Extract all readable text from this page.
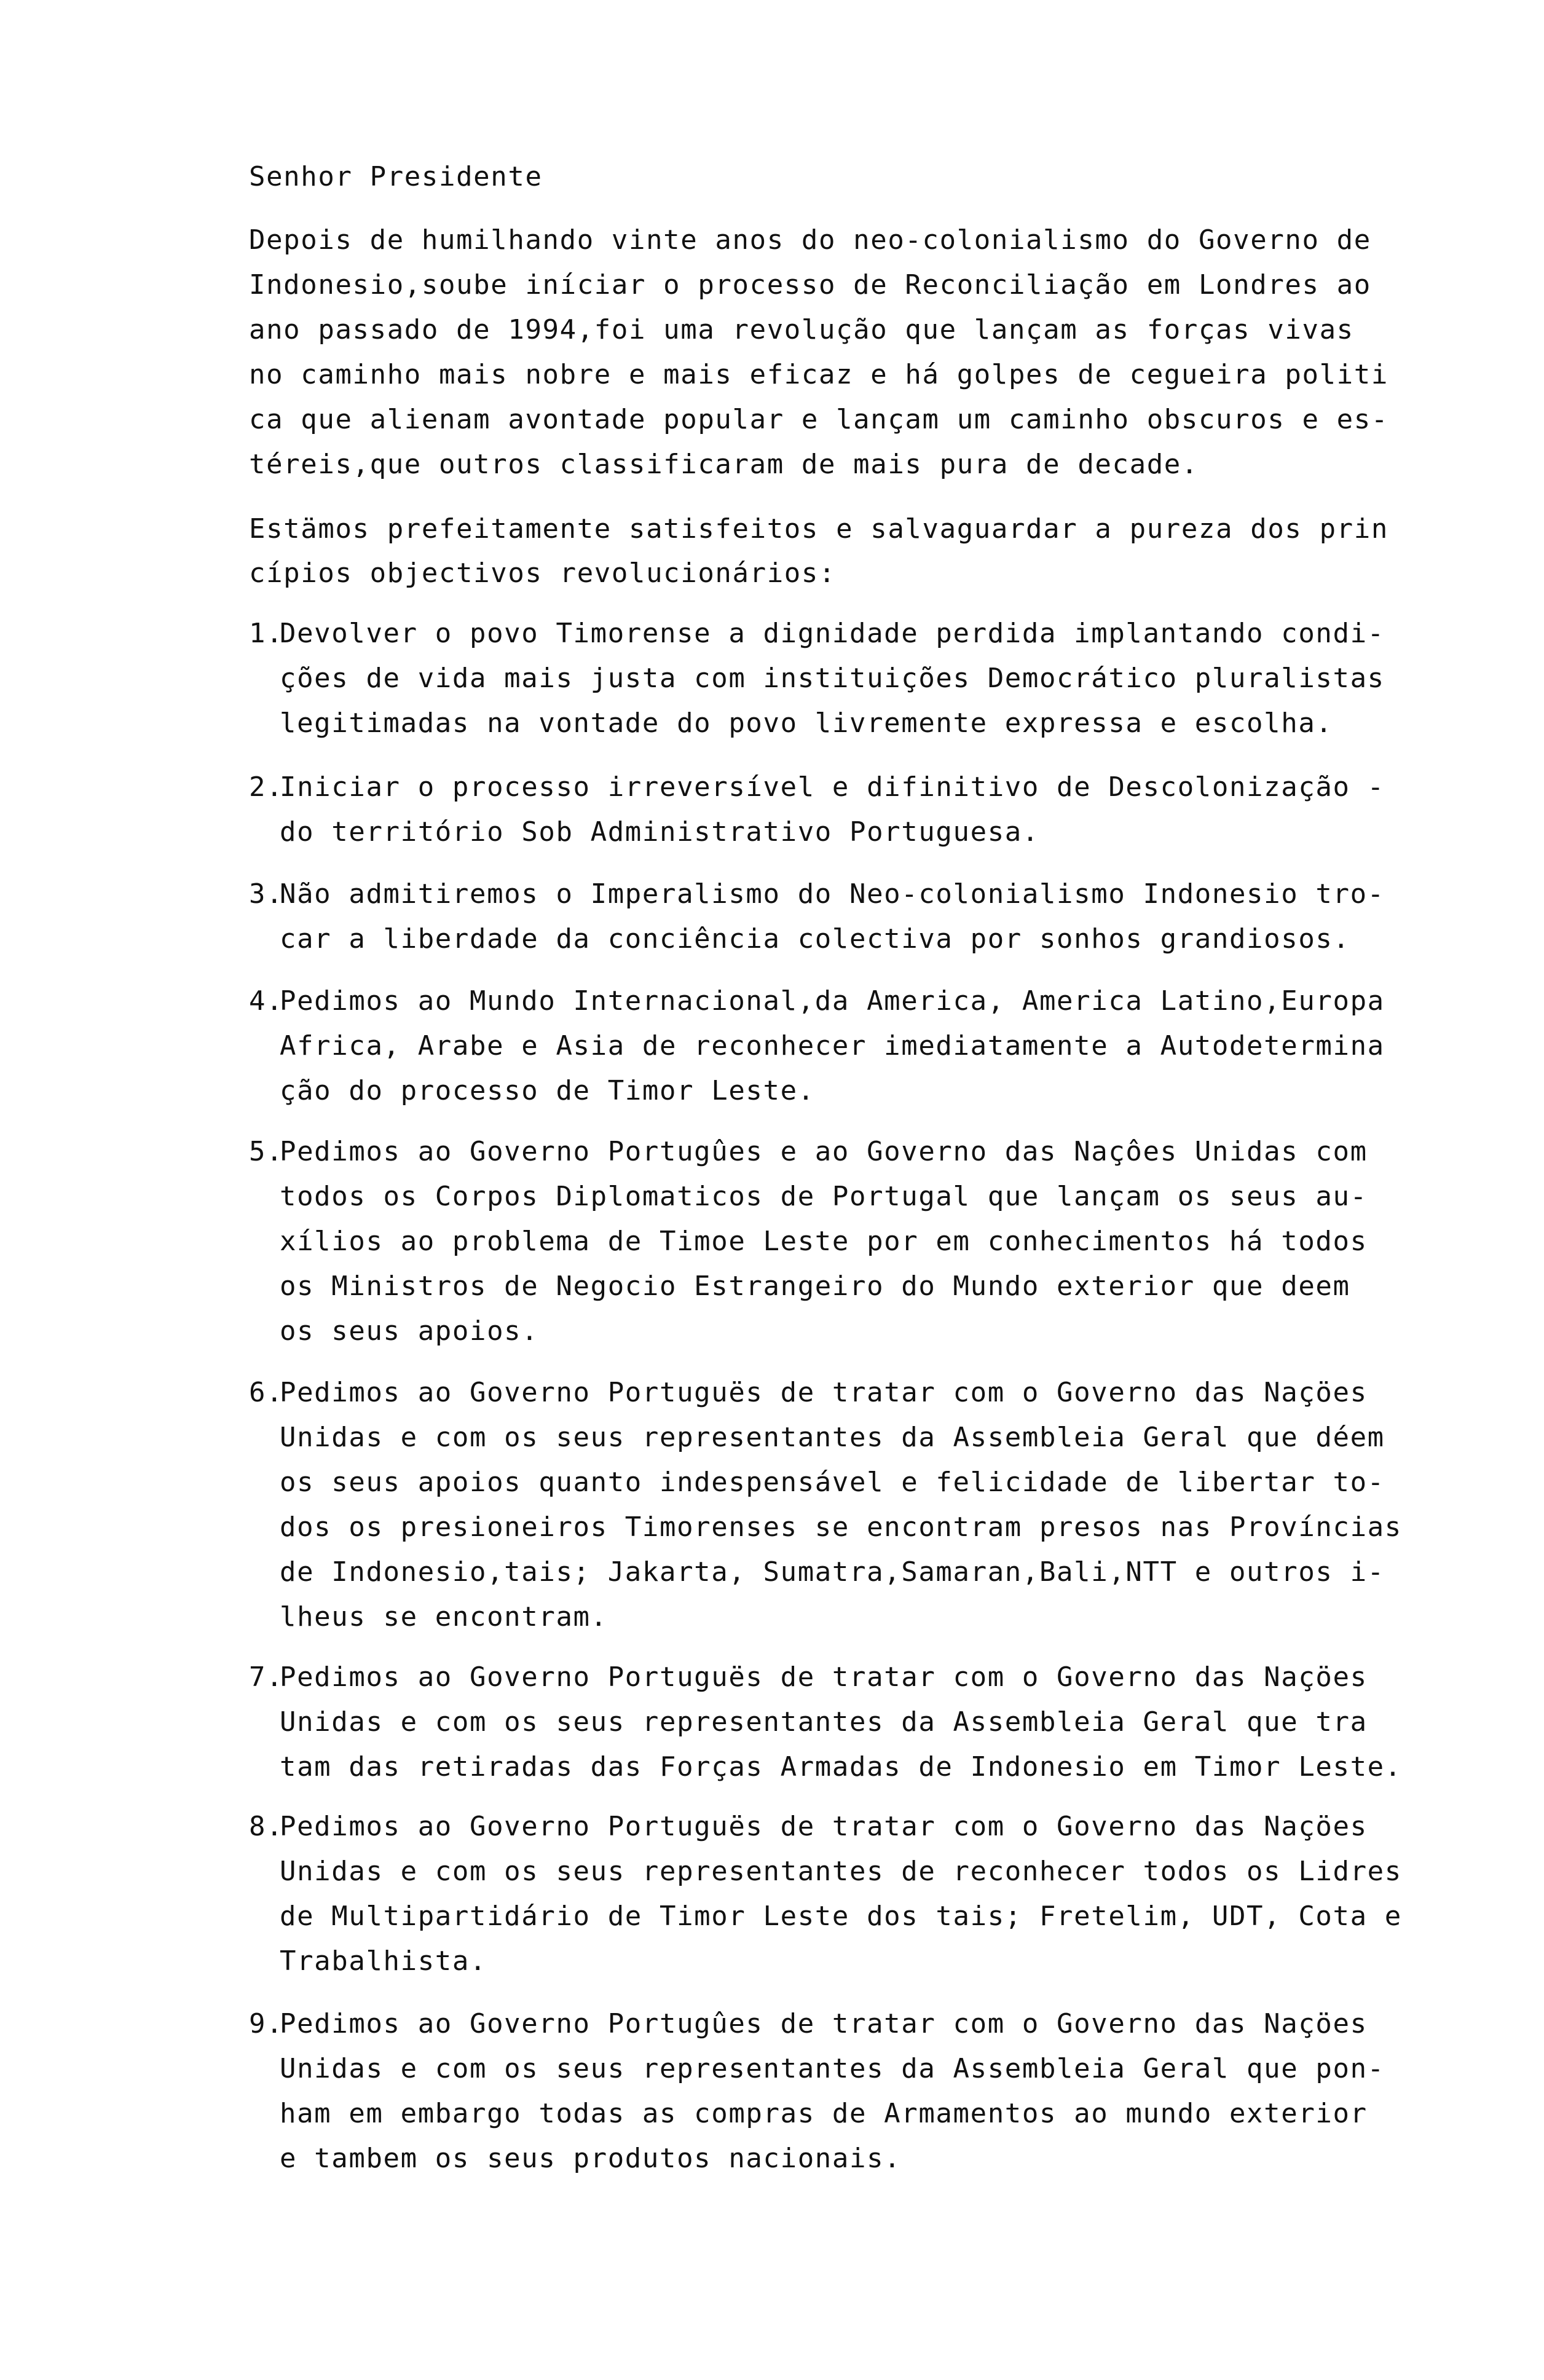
Senhor Presidente
Depois de humilhando vinte anos do neo-colonialismo do Governo de
Indonesio,soube iníciar o processo de Reconciliação em Londres ao
ano passado de 1994,foi uma revolução que lançam as forças vivas
no caminho mais nobre e mais eficaz e há golpes de cegueira politi
ca que alienam avontade popular e lançam um caminho obscuros e es-
téreis,que outros classificaram de mais pura de decade.
Estämos prefeitamente satisfeitos e salvaguardar a pureza dos prin
cípios objectivos revolucionários:
1.
Devolver o povo Timorense a dignidade perdida implantando condi-
ções de vida mais justa com instituições Democrático pluralistas
legitimadas na vontade do povo livremente expressa e escolha.
2.
Iniciar o processo irreversível e difinitivo de Descolonização -
do território Sob Administrativo Portuguesa.
3.
Não admitiremos o Imperalismo do Neo-colonialismo Indonesio tro-
car a liberdade da conciência colectiva por sonhos grandiosos.
4.
Pedimos ao Mundo Internacional,da America, America Latino,Europa
Africa, Arabe e Asia de reconhecer imediatamente a Autodetermina
ção do processo de Timor Leste.
5.
Pedimos ao Governo Portugûes e ao Governo das Naçôes Unidas com
todos os Corpos Diplomaticos de Portugal que lançam os seus au-
xílios ao problema de Timoe Leste por em conhecimentos há todos
os Ministros de Negocio Estrangeiro do Mundo exterior que deem
os seus apoios.
6.
Pedimos ao Governo Portuguës de tratar com o Governo das Naçöes
Unidas e com os seus representantes da Assembleia Geral que déem
os seus apoios quanto indespensável e felicidade de libertar to-
dos os presioneiros Timorenses se encontram presos nas Províncias
de Indonesio,tais; Jakarta, Sumatra,Samaran,Bali,NTT e outros i-
lheus se encontram.
7.
Pedimos ao Governo Portuguës de tratar com o Governo das Naçöes
Unidas e com os seus representantes da Assembleia Geral que tra
tam das retiradas das Forças Armadas de Indonesio em Timor Leste.
8.
Pedimos ao Governo Portuguës de tratar com o Governo das Naçöes
Unidas e com os seus representantes de reconhecer todos os Lidres
de Multipartidário de Timor Leste dos tais; Fretelim, UDT, Cota e
Trabalhista.
9.
Pedimos ao Governo Portugûes de tratar com o Governo das Naçöes
Unidas e com os seus representantes da Assembleia Geral que pon-
ham em embargo todas as compras de Armamentos ao mundo exterior
e tambem os seus produtos nacionais.
